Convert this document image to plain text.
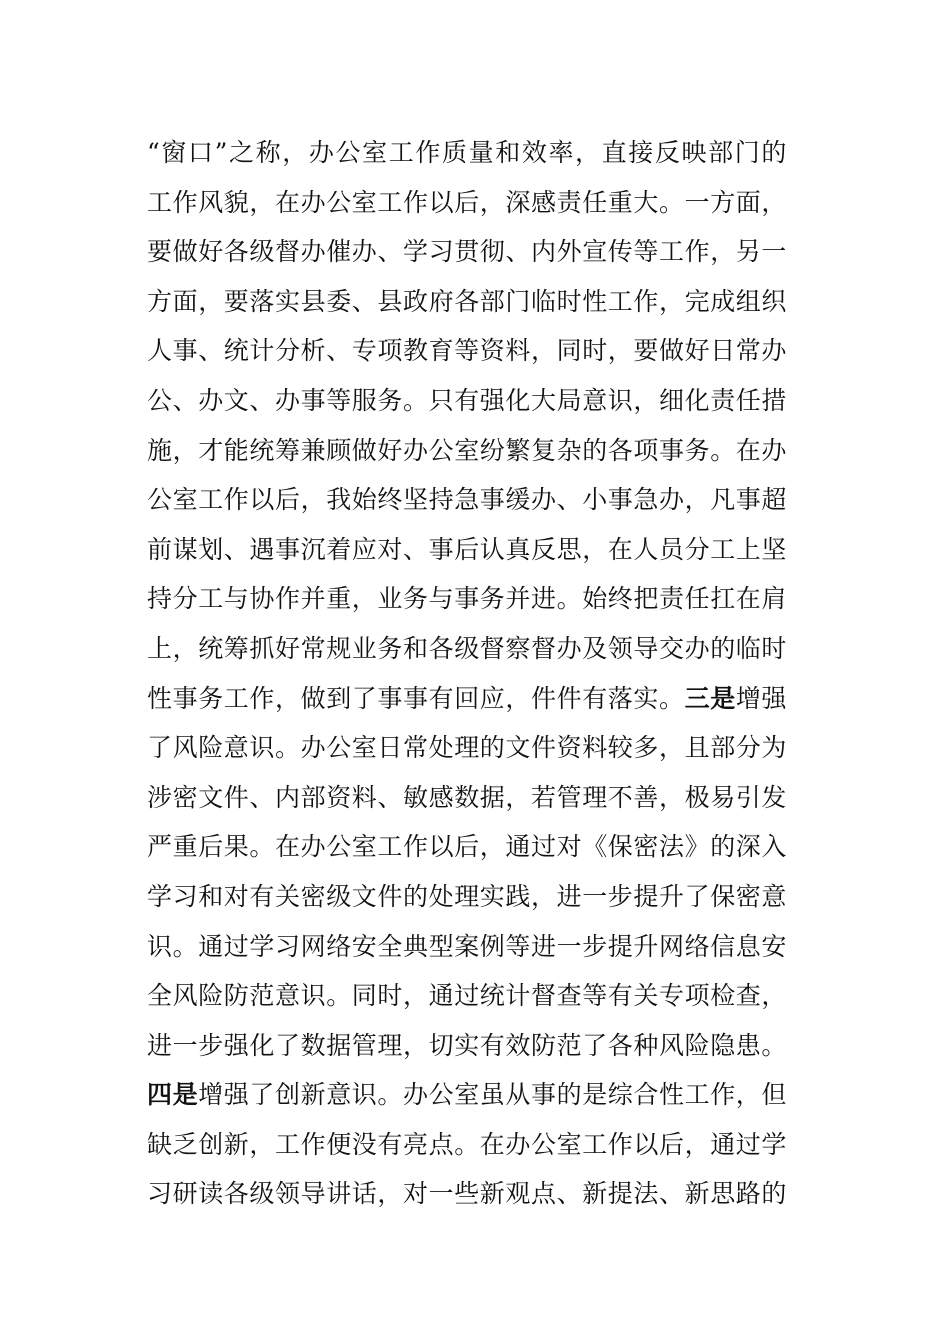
“窗口”之称，办公室工作质量和效率，直接反映部门的
工作风貌，在办公室工作以后，深感责任重大。一方面，
要做好各级督办催办、学习贯彻、内外宣传等工作，另一
方面，要落实县委、县政府各部门临时性工作，完成组织
人事、统计分析、专项教育等资料，同时，要做好日常办
公、办文、办事等服务。只有强化大局意识，细化责任措
施，才能统筹兼顾做好办公室纷繁复杂的各项事务。在办
公室工作以后，我始终坚持急事缓办、小事急办，凡事超
前谋划、遇事沉着应对、事后认真反思，在人员分工上坚
持分工与协作并重，业务与事务并进。始终把责任扛在肩
上，统筹抓好常规业务和各级督察督办及领导交办的临时
性事务工作，做到了事事有回应，件件有落实。三是增强
了风险意识。办公室日常处理的文件资料较多，且部分为
涉密文件、内部资料、敏感数据，若管理不善，极易引发
严重后果。在办公室工作以后，通过对《保密法》的深入
学习和对有关密级文件的处理实践，进一步提升了保密意
识。通过学习网络安全典型案例等进一步提升网络信息安
全风险防范意识。同时，通过统计督查等有关专项检查，
进一步强化了数据管理，切实有效防范了各种风险隐患。
四是增强了创新意识。办公室虽从事的是综合性工作，但
缺乏创新，工作便没有亮点。在办公室工作以后，通过学
习研读各级领导讲话，对一些新观点、新提法、新思路的
